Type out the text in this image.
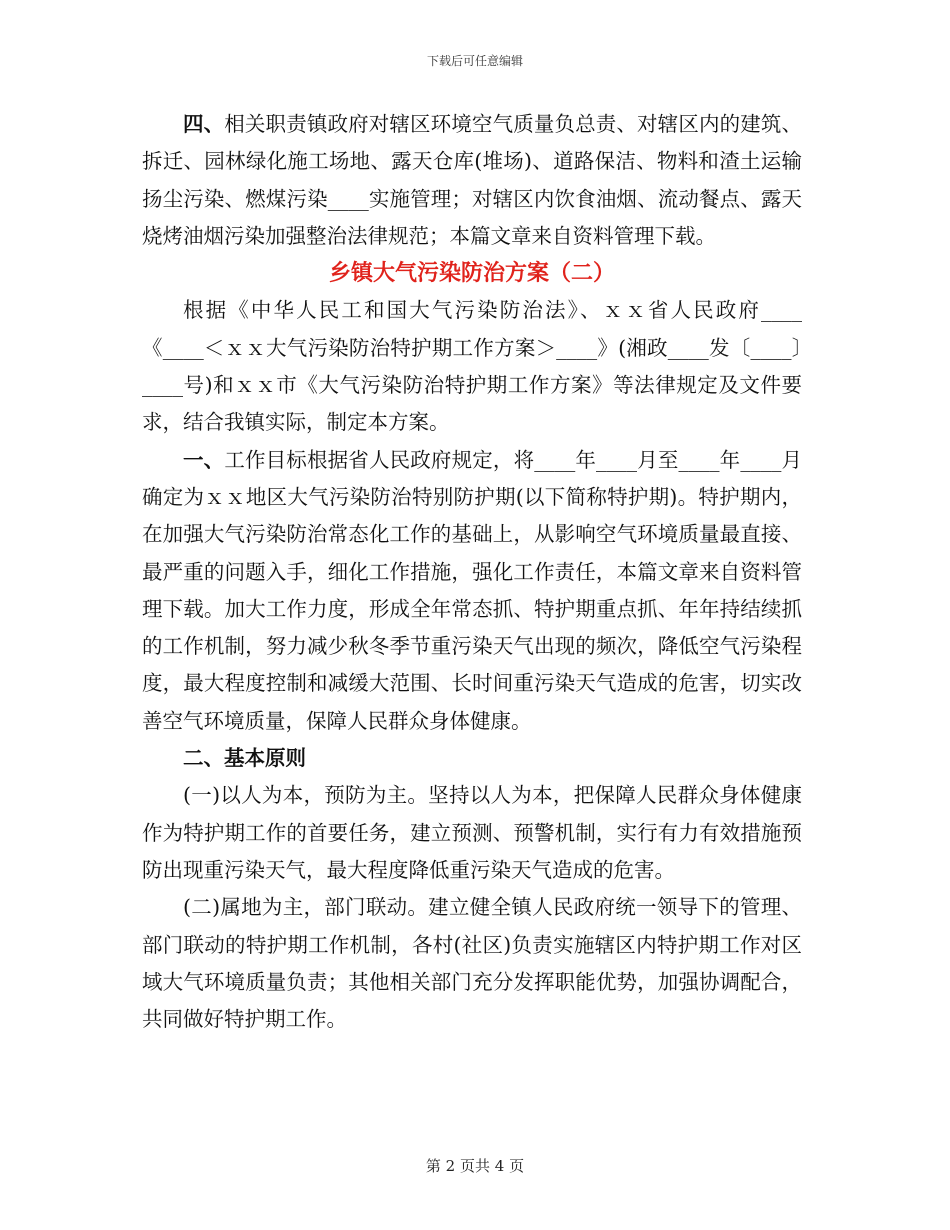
下载后可任意编辑

四、相关职责镇政府对辖区环境空气质量负总责、对辖区内的建筑、拆迁、园林绿化施工场地、露天仓库(堆场)、道路保洁、物料和渣土运输扬尘污染、燃煤污染____实施管理；对辖区内饮食油烟、流动餐点、露天烧烤油烟污染加强整治法律规范；本篇文章来自资料管理下载。

乡镇大气污染防治方案（二）

根据《中华人民工和国大气污染防治法》、ｘｘ省人民政府____《____＜ｘｘ大气污染防治特护期工作方案＞____》(湘政____发〔____〕____号)和ｘｘ市《大气污染防治特护期工作方案》等法律规定及文件要求，结合我镇实际，制定本方案。

一、工作目标根据省人民政府规定，将____年____月至____年____月确定为ｘｘ地区大气污染防治特别防护期(以下简称特护期)。特护期内，在加强大气污染防治常态化工作的基础上，从影响空气环境质量最直接、最严重的问题入手，细化工作措施，强化工作责任，本篇文章来自资料管理下载。加大工作力度，形成全年常态抓、特护期重点抓、年年持结续抓的工作机制，努力减少秋冬季节重污染天气出现的频次，降低空气污染程度，最大程度控制和减缓大范围、长时间重污染天气造成的危害，切实改善空气环境质量，保障人民群众身体健康。

二、基本原则

(一)以人为本，预防为主。坚持以人为本，把保障人民群众身体健康作为特护期工作的首要任务，建立预测、预警机制，实行有力有效措施预防出现重污染天气，最大程度降低重污染天气造成的危害。

(二)属地为主，部门联动。建立健全镇人民政府统一领导下的管理、部门联动的特护期工作机制，各村(社区)负责实施辖区内特护期工作对区域大气环境质量负责；其他相关部门充分发挥职能优势，加强协调配合，共同做好特护期工作。

第 2 页共 4 页
